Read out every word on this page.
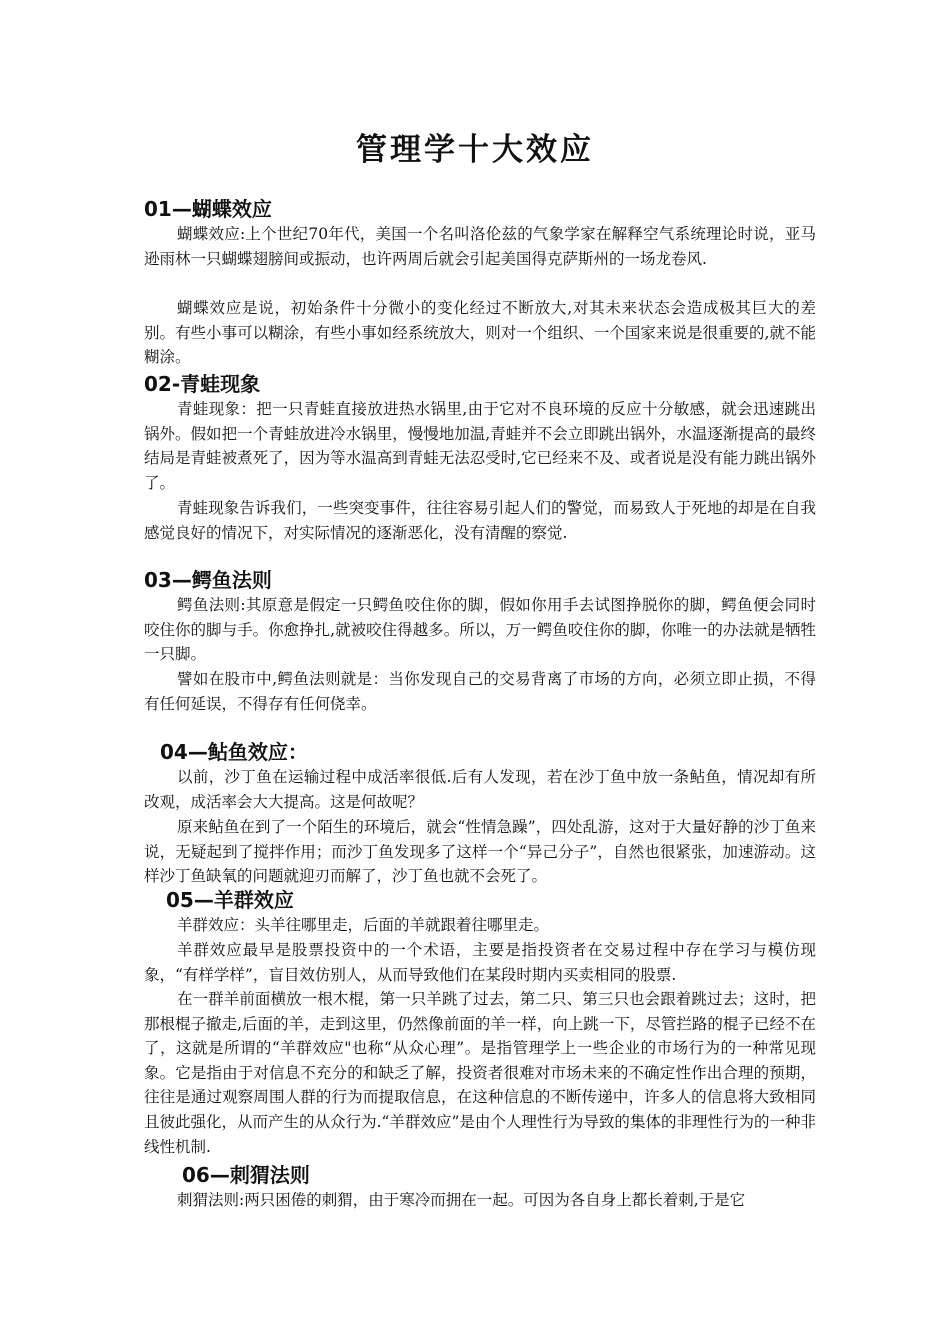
管理学十大效应
01—蝴蝶效应

蝴蝶效应:上个世纪70年代，美国一个名叫洛伦兹的气象学家在解释空气系统理论时说，亚马逊雨林一只蝴蝶翅膀间或振动，也许两周后就会引起美国得克萨斯州的一场龙卷风.

蝴蝶效应是说，初始条件十分微小的变化经过不断放大,对其未来状态会造成极其巨大的差别。有些小事可以糊涂，有些小事如经系统放大，则对一个组织、一个国家来说是很重要的,就不能糊涂。

02-青蛙现象

青蛙现象：把一只青蛙直接放进热水锅里,由于它对不良环境的反应十分敏感，就会迅速跳出锅外。假如把一个青蛙放进冷水锅里，慢慢地加温,青蛙并不会立即跳出锅外，水温逐渐提高的最终结局是青蛙被煮死了，因为等水温高到青蛙无法忍受时,它已经来不及、或者说是没有能力跳出锅外了。

青蛙现象告诉我们，一些突变事件，往往容易引起人们的警觉，而易致人于死地的却是在自我感觉良好的情况下，对实际情况的逐渐恶化，没有清醒的察觉.

03—鳄鱼法则

鳄鱼法则:其原意是假定一只鳄鱼咬住你的脚，假如你用手去试图挣脱你的脚，鳄鱼便会同时咬住你的脚与手。你愈挣扎,就被咬住得越多。所以，万一鳄鱼咬住你的脚，你唯一的办法就是牺牲一只脚。

譬如在股市中,鳄鱼法则就是：当你发现自己的交易背离了市场的方向，必须立即止损，不得有任何延误，不得存有任何侥幸。

04—鲇鱼效应：

以前，沙丁鱼在运输过程中成活率很低.后有人发现，若在沙丁鱼中放一条鲇鱼，情况却有所改观，成活率会大大提高。这是何故呢？

原来鲇鱼在到了一个陌生的环境后，就会“性情急躁”，四处乱游，这对于大量好静的沙丁鱼来说，无疑起到了搅拌作用；而沙丁鱼发现多了这样一个“异己分子”，自然也很紧张，加速游动。这样沙丁鱼缺氧的问题就迎刃而解了，沙丁鱼也就不会死了。

05—羊群效应

羊群效应：头羊往哪里走，后面的羊就跟着往哪里走。

羊群效应最早是股票投资中的一个术语，主要是指投资者在交易过程中存在学习与模仿现象，“有样学样”，盲目效仿别人，从而导致他们在某段时期内买卖相同的股票.

在一群羊前面横放一根木棍，第一只羊跳了过去，第二只、第三只也会跟着跳过去；这时，把那根棍子撤走,后面的羊，走到这里，仍然像前面的羊一样，向上跳一下，尽管拦路的棍子已经不在了，这就是所谓的“羊群效应"也称“从众心理”。是指管理学上一些企业的市场行为的一种常见现象。它是指由于对信息不充分的和缺乏了解，投资者很难对市场未来的不确定性作出合理的预期，往往是通过观察周围人群的行为而提取信息，在这种信息的不断传递中，许多人的信息将大致相同且彼此强化，从而产生的从众行为.“羊群效应”是由个人理性行为导致的集体的非理性行为的一种非线性机制.

06—刺猬法则

刺猬法则:两只困倦的刺猬，由于寒冷而拥在一起。可因为各自身上都长着刺,于是它
